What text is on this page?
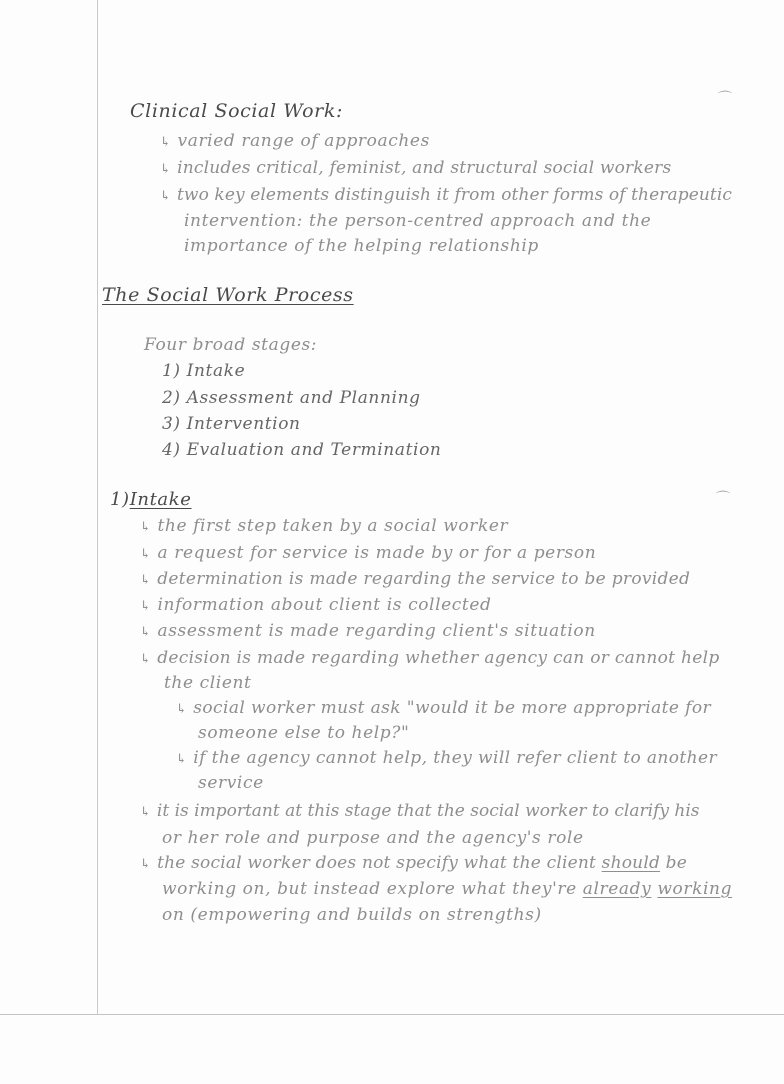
⌒
⌒
Clinical Social Work:
↳ varied range of approaches
↳ includes critical, feminist, and structural social workers
↳ two key elements distinguish it from other forms of therapeutic
intervention: the person-centred approach and the
importance of the helping relationship
The Social Work Process
Four broad stages:
1) Intake
2) Assessment and Planning
3) Intervention
4) Evaluation and Termination
1)Intake
↳ the first step taken by a social worker
↳ a request for service is made by or for a person
↳ determination is made regarding the service to be provided
↳ information about client is collected
↳ assessment is made regarding client's situation
↳ decision is made regarding whether agency can or cannot help
the client
↳ social worker must ask "would it be more appropriate for
someone else to help?"
↳ if the agency cannot help, they will refer client to another
service
↳ it is important at this stage that the social worker to clarify his
or her role and purpose and the agency's role
↳ the social worker does not specify what the client should be
working on, but instead explore what they're already working
on (empowering and builds on strengths)
